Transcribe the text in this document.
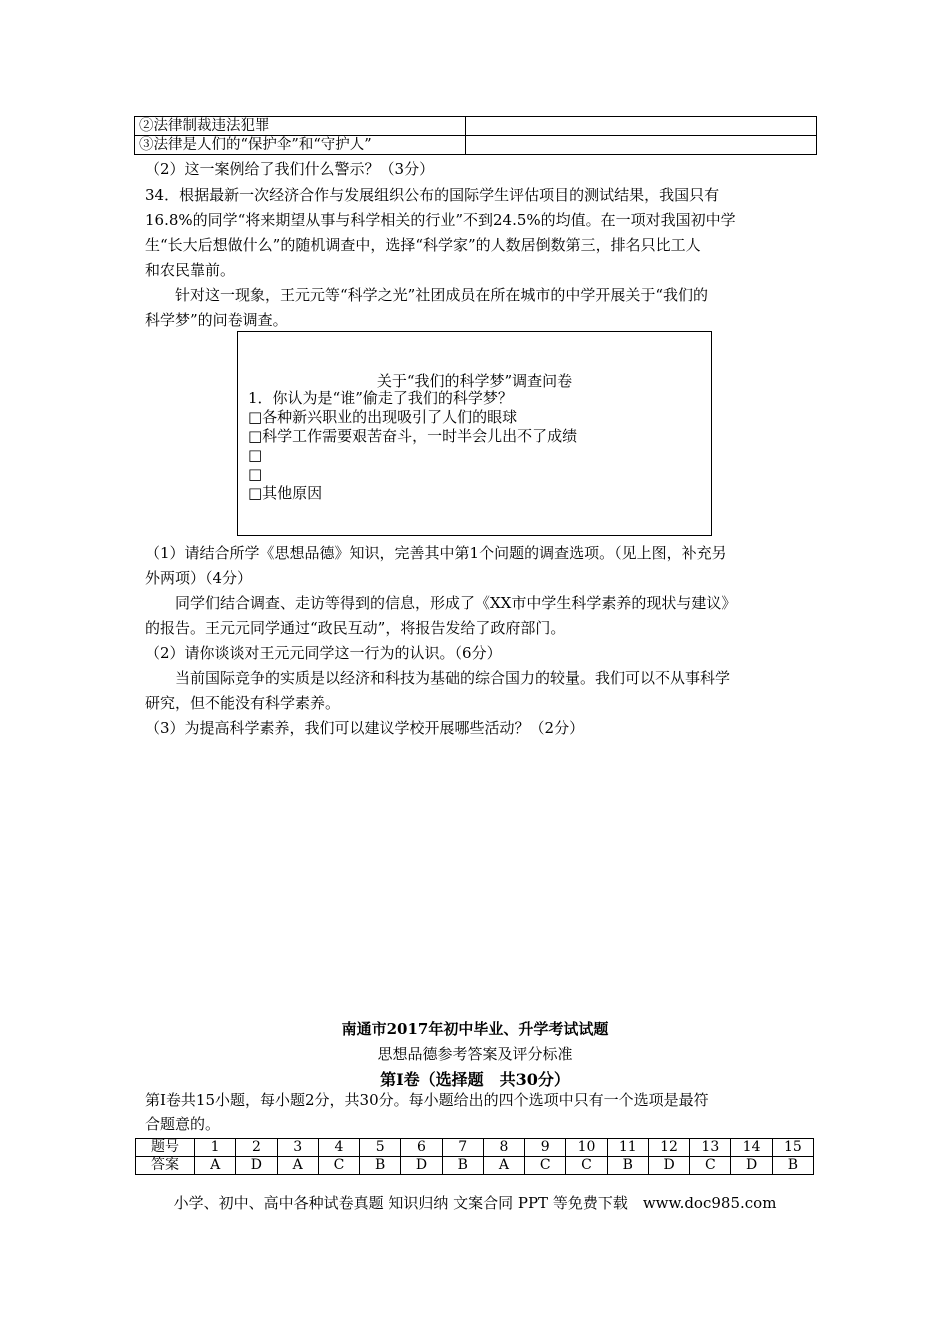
②法律制裁违法犯罪	
③法律是人们的“保护伞”和“守护人”	
（2）这一案例给了我们什么警示？（3分）
34．根据最新一次经济合作与发展组织公布的国际学生评估项目的测试结果，我国只有
16.8%的同学“将来期望从事与科学相关的行业”不到24.5%的均值。在一项对我国初中学
生“长大后想做什么”的随机调查中，选择“科学家”的人数居倒数第三，排名只比工人
和农民靠前。
针对这一现象，王元元等“科学之光”社团成员在所在城市的中学开展关于“我们的
科学梦”的问卷调查。
关于“我们的科学梦”调查问卷
1．你认为是“谁”偷走了我们的科学梦？
□各种新兴职业的出现吸引了人们的眼球
□科学工作需要艰苦奋斗，一时半会儿出不了成绩
□
□
□其他原因
（1）请结合所学《思想品德》知识，完善其中第1个问题的调查选项。（见上图，补充另
外两项）（4分）
同学们结合调查、走访等得到的信息，形成了《XX市中学生科学素养的现状与建议》
的报告。王元元同学通过“政民互动”，将报告发给了政府部门。
（2）请你谈谈对王元元同学这一行为的认识。（6分）
当前国际竞争的实质是以经济和科技为基础的综合国力的较量。我们可以不从事科学
研究，但不能没有科学素养。
（3）为提高科学素养，我们可以建议学校开展哪些活动？（2分）
南通市2017年初中毕业、升学考试试题
思想品德参考答案及评分标准
第Ⅰ卷（选择题　共30分）
第Ⅰ卷共15小题，每小题2分，共30分。每小题给出的四个选项中只有一个选项是最符
合题意的。
题号	1	2	3	4	5	6	7	8	9	10	11	12	13	14	15
答案	A	D	A	C	B	D	B	A	C	C	B	D	C	D	B
小学、初中、高中各种试卷真题 知识归纳 文案合同 PPT 等免费下载　www.doc985.com
